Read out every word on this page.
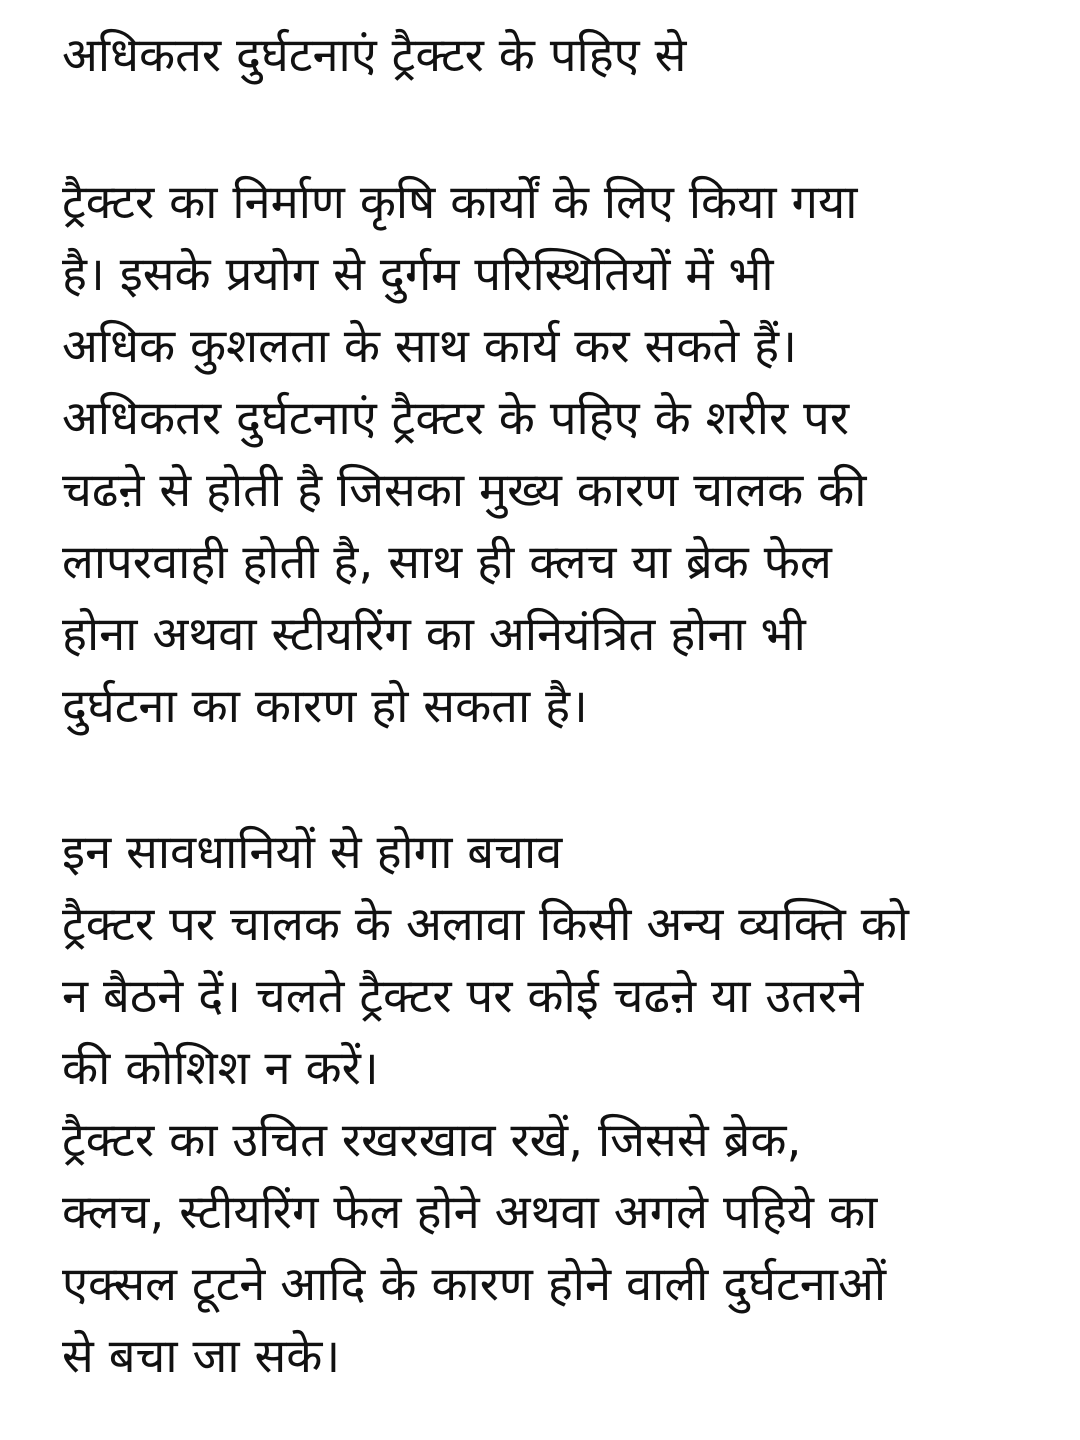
अधिकतर दुर्घटनाएं ट्रैक्टर के पहिए से
ट्रैक्टर का निर्माण कृषि कार्यों के लिए किया गया
है। इसके प्रयोग से दुर्गम परिस्थितियों में भी
अधिक कुशलता के साथ कार्य कर सकते हैं।
अधिकतर दुर्घटनाएं ट्रैक्टर के पहिए के शरीर पर
चढऩे से होती है जिसका मुख्य कारण चालक की
लापरवाही होती है, साथ ही क्लच या ब्रेक फेल
होना अथवा स्टीयरिंग का अनियंत्रित होना भी
दुर्घटना का कारण हो सकता है।
इन सावधानियों से होगा बचाव
ट्रैक्टर पर चालक के अलावा किसी अन्य व्यक्ति को
न बैठने दें। चलते ट्रैक्टर पर कोई चढऩे या उतरने
की कोशिश न करें।
ट्रैक्टर का उचित रखरखाव रखें, जिससे ब्रेक,
क्लच, स्टीयरिंग फेल होने अथवा अगले पहिये का
एक्सल टूटने आदि के कारण होने वाली दुर्घटनाओं
से बचा जा सके।
